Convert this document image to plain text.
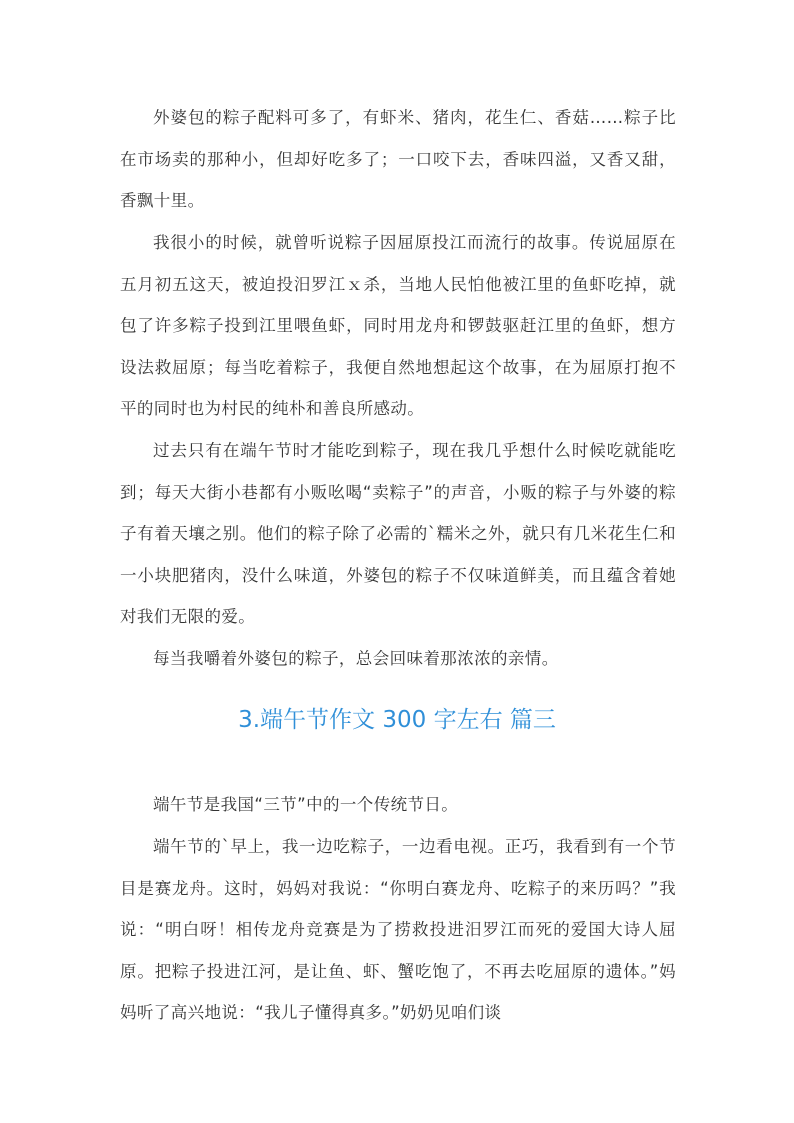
外婆包的粽子配料可多了，有虾米、猪肉，花生仁、香菇……粽子比在市场卖的那种小，但却好吃多了；一口咬下去，香味四溢，又香又甜，香飘十里。

我很小的时候，就曾听说粽子因屈原投江而流行的故事。传说屈原在五月初五这天，被迫投汨罗江ｘ杀，当地人民怕他被江里的鱼虾吃掉，就包了许多粽子投到江里喂鱼虾，同时用龙舟和锣鼓驱赶江里的鱼虾，想方设法救屈原；每当吃着粽子，我便自然地想起这个故事，在为屈原打抱不平的同时也为村民的纯朴和善良所感动。

过去只有在端午节时才能吃到粽子，现在我几乎想什么时候吃就能吃到；每天大街小巷都有小贩吆喝“卖粽子”的声音，小贩的粽子与外婆的粽子有着天壤之别。他们的粽子除了必需的`糯米之外，就只有几米花生仁和一小块肥猪肉，没什么味道，外婆包的粽子不仅味道鲜美，而且蕴含着她对我们无限的爱。

每当我嚼着外婆包的粽子，总会回味着那浓浓的亲情。

3.端午节作文 300 字左右 篇三

端午节是我国“三节”中的一个传统节日。

端午节的`早上，我一边吃粽子，一边看电视。正巧，我看到有一个节目是赛龙舟。这时，妈妈对我说：“你明白赛龙舟、吃粽子的来历吗？”我说：“明白呀！相传龙舟竞赛是为了捞救投进汨罗江而死的爱国大诗人屈原。把粽子投进江河，是让鱼、虾、蟹吃饱了，不再去吃屈原的遗体。”妈妈听了高兴地说：“我儿子懂得真多。”奶奶见咱们谈
